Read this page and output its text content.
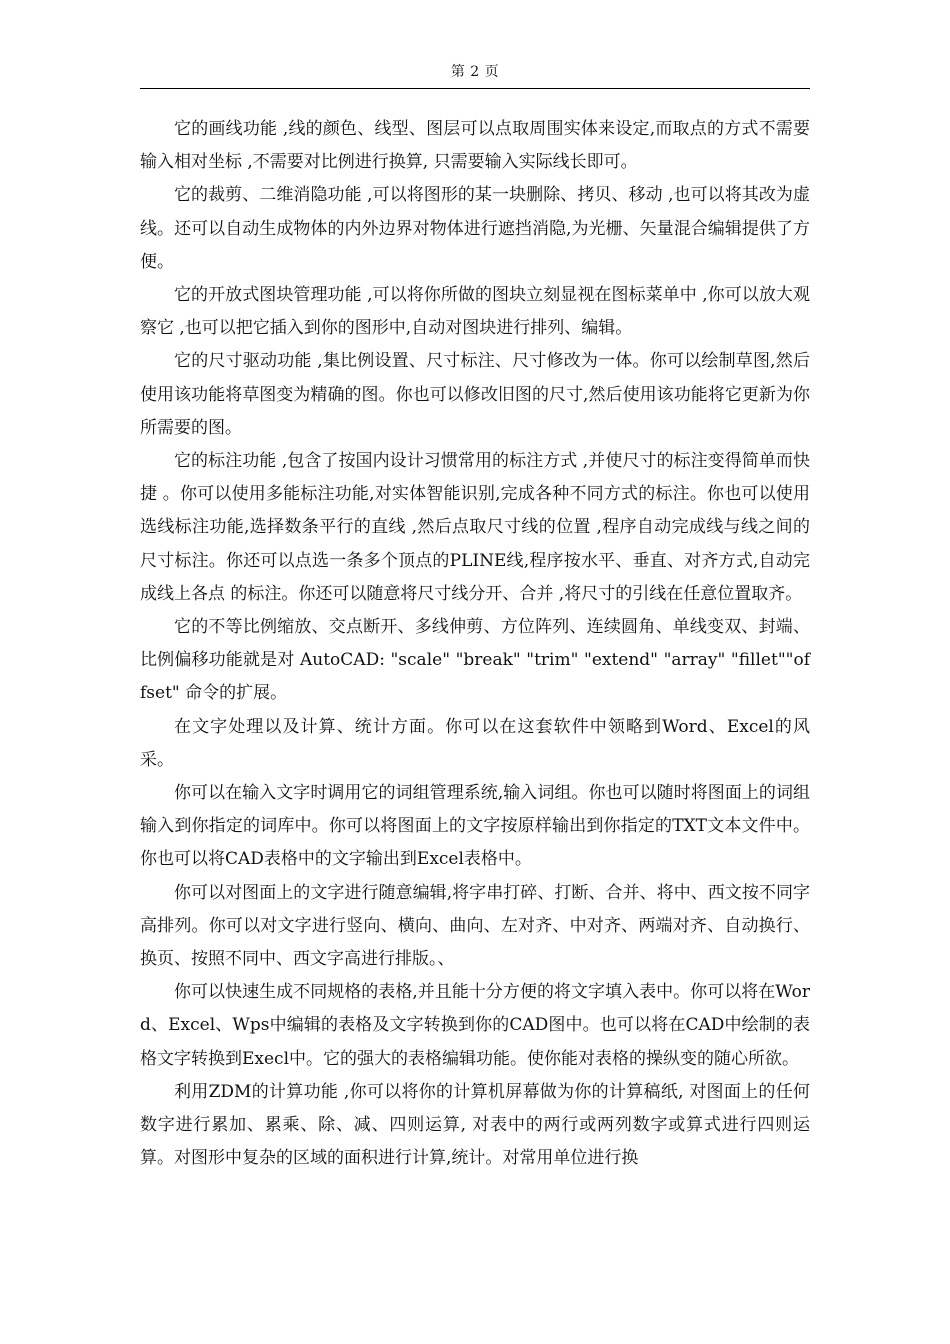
第 2 页

它的画线功能 ,线的颜色、线型、图层可以点取周围实体来设定,而取点的方式不需要输入相对坐标 ,不需要对比例进行换算, 只需要输入实际线长即可。

它的裁剪、二维消隐功能 ,可以将图形的某一块删除、拷贝、移动 ,也可以将其改为虚线。还可以自动生成物体的内外边界对物体进行遮挡消隐,为光栅、矢量混合编辑提供了方便。

它的开放式图块管理功能 ,可以将你所做的图块立刻显视在图标菜单中 ,你可以放大观察它 ,也可以把它插入到你的图形中,自动对图块进行排列、编辑。

它的尺寸驱动功能 ,集比例设置、尺寸标注、尺寸修改为一体。你可以绘制草图,然后使用该功能将草图变为精确的图。你也可以修改旧图的尺寸,然后使用该功能将它更新为你所需要的图。

它的标注功能 ,包含了按国内设计习惯常用的标注方式 ,并使尺寸的标注变得简单而快捷 。你可以使用多能标注功能,对实体智能识别,完成各种不同方式的标注。你也可以使用选线标注功能,选择数条平行的直线 ,然后点取尺寸线的位置 ,程序自动完成线与线之间的尺寸标注。你还可以点选一条多个顶点的PLINE线,程序按水平、垂直、对齐方式,自动完成线上各点 的标注。你还可以随意将尺寸线分开、合并 ,将尺寸的引线在任意位置取齐。

它的不等比例缩放、交点断开、多线伸剪、方位阵列、连续圆角、单线变双、封端、比例偏移功能就是对 AutoCAD: "scale" "break" "trim" "extend" "array" "fillet""offset" 命令的扩展。

在文字处理以及计算、统计方面。你可以在这套软件中领略到Word、Excel的风采。

你可以在输入文字时调用它的词组管理系统,输入词组。你也可以随时将图面上的词组输入到你指定的词库中。你可以将图面上的文字按原样输出到你指定的TXT文本文件中。你也可以将CAD表格中的文字输出到Excel表格中。

你可以对图面上的文字进行随意编辑,将字串打碎、打断、合并、将中、西文按不同字高排列。你可以对文字进行竖向、横向、曲向、左对齐、中对齐、两端对齐、自动换行、换页、按照不同中、西文字高进行排版。、

你可以快速生成不同规格的表格,并且能十分方便的将文字填入表中。你可以将在Word、Excel、Wps中编辑的表格及文字转换到你的CAD图中。也可以将在CAD中绘制的表格文字转换到Execl中。它的强大的表格编辑功能。使你能对表格的操纵变的随心所欲。

利用ZDM的计算功能 ,你可以将你的计算机屏幕做为你的计算稿纸, 对图面上的任何数字进行累加、累乘、除、减、四则运算, 对表中的两行或两列数字或算式进行四则运算。对图形中复杂的区域的面积进行计算,统计。对常用单位进行换
